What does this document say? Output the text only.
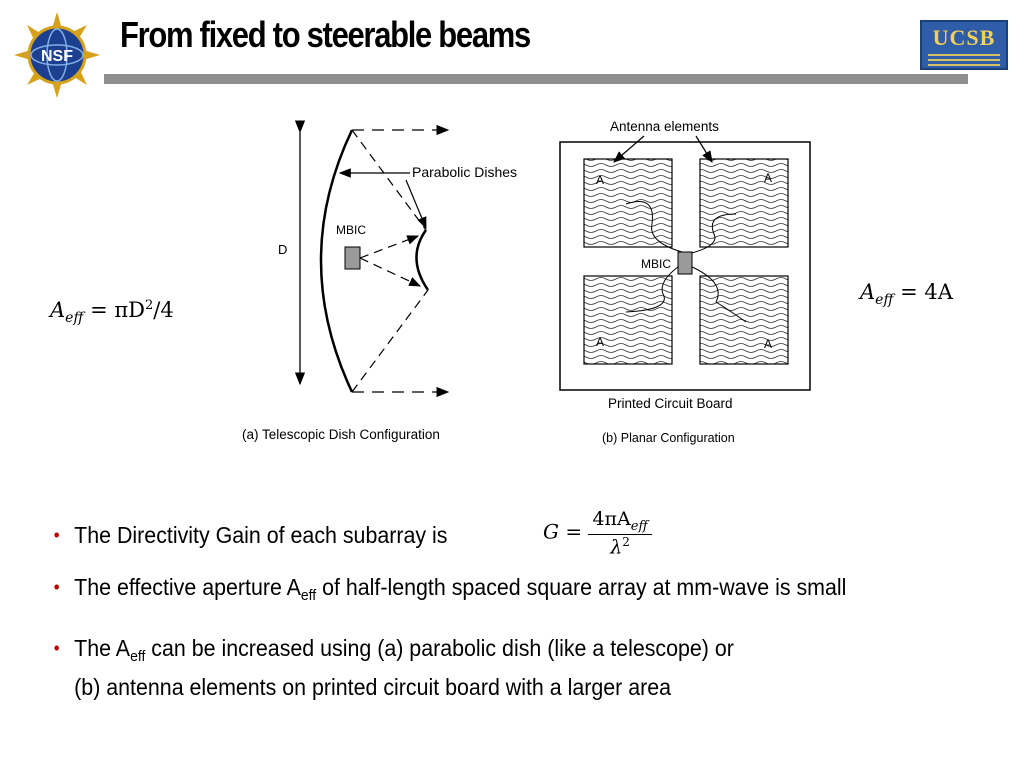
NSF
From fixed to steerable beams	UCSB
D
MBIC
Parabolic Dishes
(a) Telescopic Dish Configuration
Antenna elements
A	A
A	A
MBIC
Printed Circuit Board
(b) Planar Configuration
$A_{eff} = \pi D^2/4$
$A_{eff} = 4A$
$G = \frac{4\pi A_{eff}}{\lambda^2}$
• The Directivity Gain of each subarray is
• The effective aperture $A_{eff}$ of half-length spaced square array at mm-wave is small
• The $A_{eff}$ can be increased using (a) parabolic dish (like a telescope) or
(b) antenna elements on printed circuit board with a larger area
